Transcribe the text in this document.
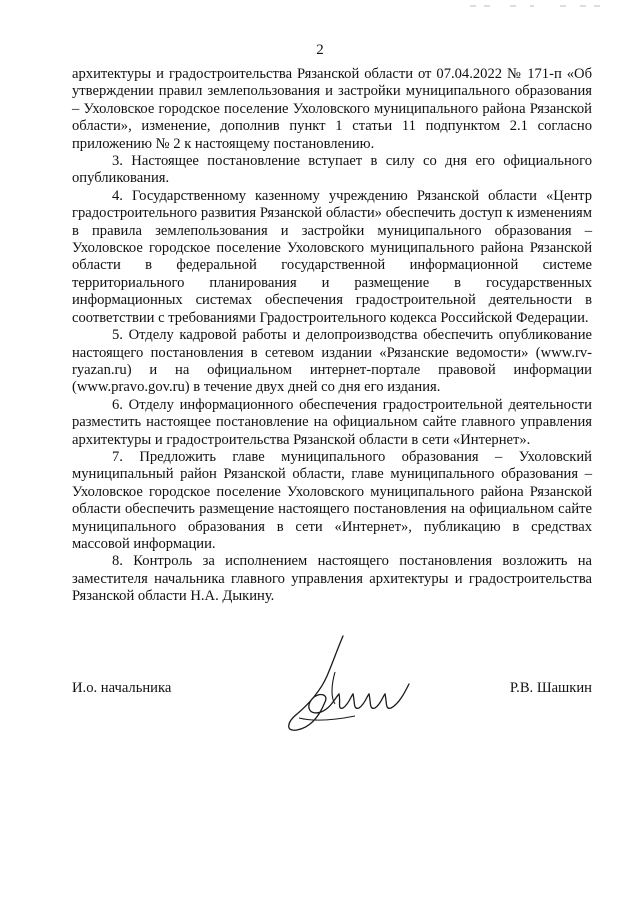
2

архитектуры и градостроительства Рязанской области от 07.04.2022 № 171-п «Об утверждении правил землепользования и застройки муниципального образования – Ухоловское городское поселение Ухоловского муниципального района Рязанской области», изменение, дополнив пункт 1 статьи 11 подпунктом 2.1 согласно приложению № 2 к настоящему постановлению.

3. Настоящее постановление вступает в силу со дня его официального опубликования.

4. Государственному казенному учреждению Рязанской области «Центр градостроительного развития Рязанской области» обеспечить доступ к изменениям в правила землепользования и застройки муниципального образования – Ухоловское городское поселение Ухоловского муниципального района Рязанской области в федеральной государственной информационной системе территориального планирования и размещение в государственных информационных системах обеспечения градостроительной деятельности в соответствии с требованиями Градостроительного кодекса Российской Федерации.

5. Отделу кадровой работы и делопроизводства обеспечить опубликование настоящего постановления в сетевом издании «Рязанские ведомости» (www.rv-ryazan.ru) и на официальном интернет-портале правовой информации (www.pravo.gov.ru) в течение двух дней со дня его издания.

6. Отделу информационного обеспечения градостроительной деятельности разместить настоящее постановление на официальном сайте главного управления архитектуры и градостроительства Рязанской области в сети «Интернет».

7. Предложить главе муниципального образования – Ухоловский муниципальный район Рязанской области, главе муниципального образования – Ухоловское городское поселение Ухоловского муниципального района Рязанской области обеспечить размещение настоящего постановления на официальном сайте муниципального образования в сети «Интернет», публикацию в средствах массовой информации.

8. Контроль за исполнением настоящего постановления возложить на заместителя начальника главного управления архитектуры и градостроительства Рязанской области Н.А. Дыкину.

И.о. начальника	Р.В. Шашкин
